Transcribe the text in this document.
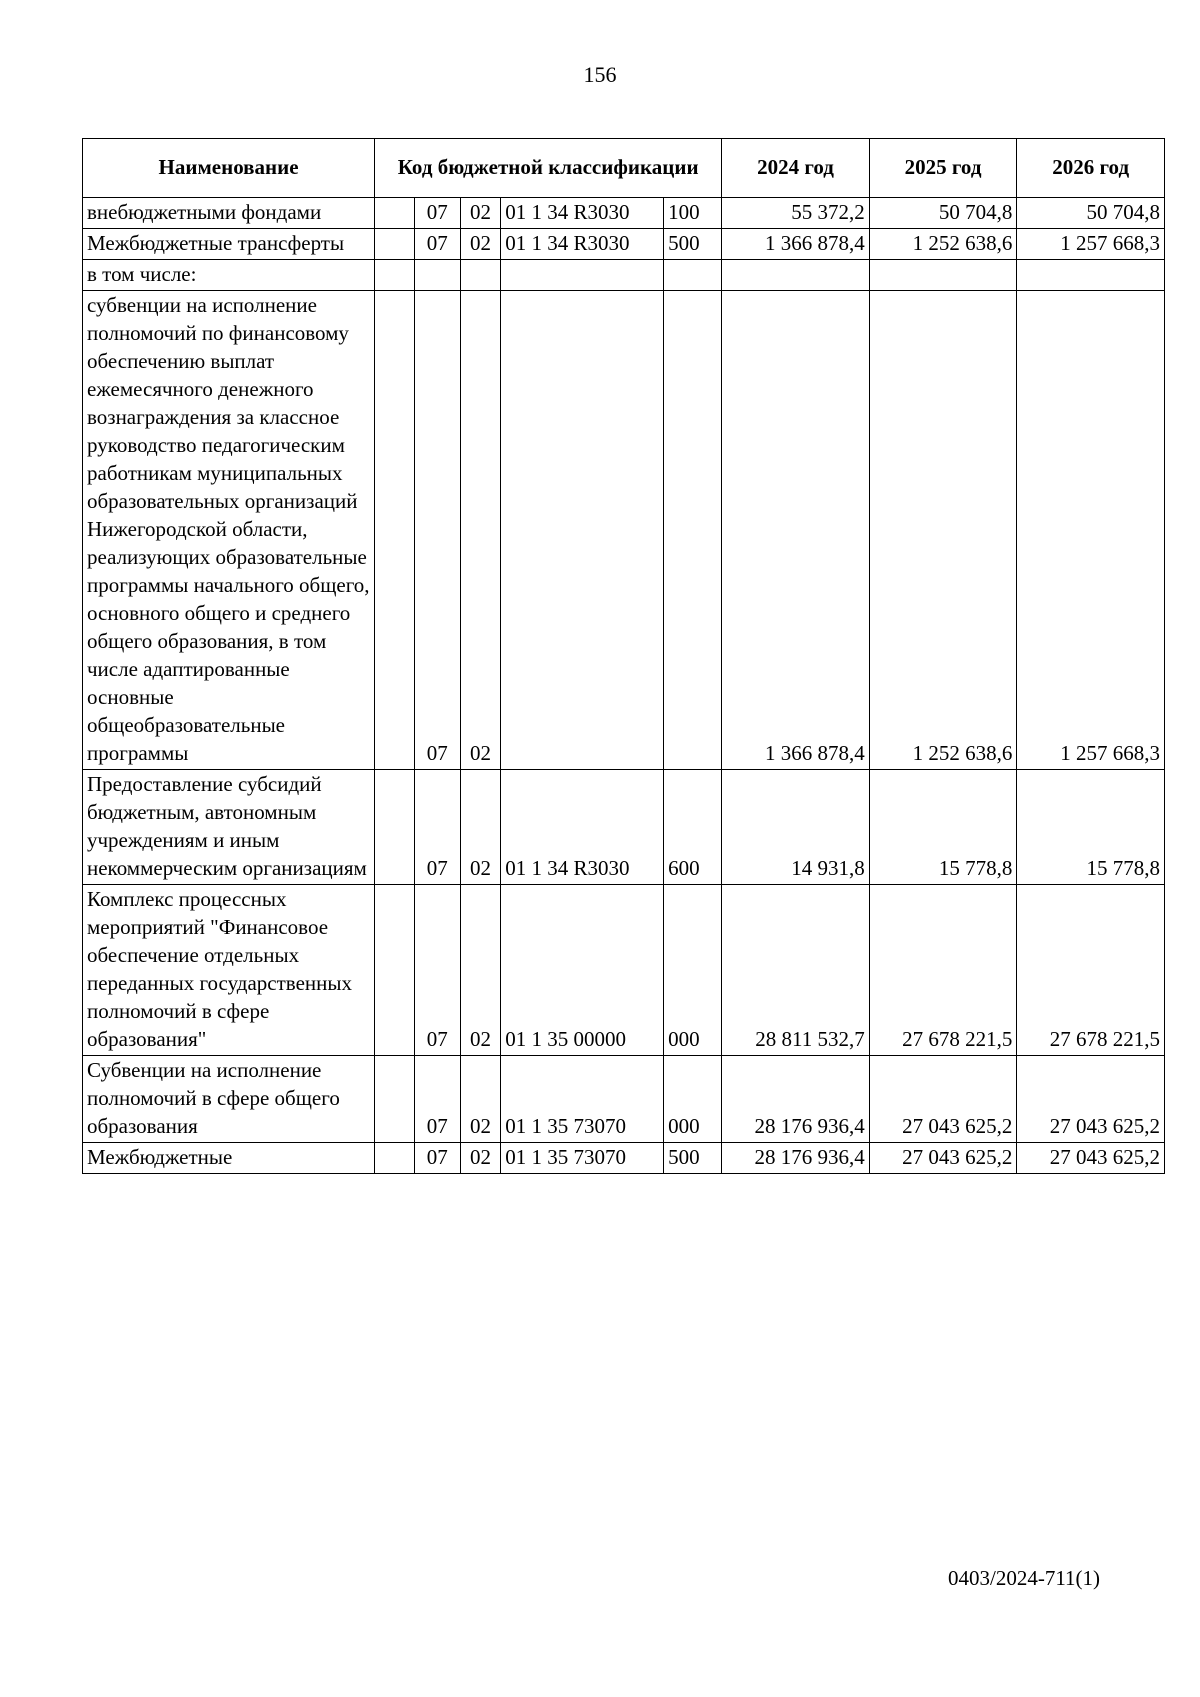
156
Наименование	Код бюджетной классификации					2024 год	2025 год	2026 год
внебюджетными фондами		07	02	01 1 34 R3030	100	55 372,2	50 704,8	50 704,8
Межбюджетные трансферты		07	02	01 1 34 R3030	500	1 366 878,4	1 252 638,6	1 257 668,3
в том числе:								
субвенции на исполнение полномочий по финансовому обеспечению выплат ежемесячного денежного вознаграждения за классное руководство педагогическим работникам муниципальных образовательных организаций Нижегородской области, реализующих образовательные программы начального общего, основного общего и среднего общего образования, в том числе адаптированные основные общеобразовательные программы		07	02			1 366 878,4	1 252 638,6	1 257 668,3
Предоставление субсидий бюджетным, автономным учреждениям и иным некоммерческим организациям		07	02	01 1 34 R3030	600	14 931,8	15 778,8	15 778,8
Комплекс процессных мероприятий "Финансовое обеспечение отдельных переданных государственных полномочий в сфере образования"		07	02	01 1 35 00000	000	28 811 532,7	27 678 221,5	27 678 221,5
Субвенции на исполнение полномочий в сфере общего образования		07	02	01 1 35 73070	000	28 176 936,4	27 043 625,2	27 043 625,2
Межбюджетные		07	02	01 1 35 73070	500	28 176 936,4	27 043 625,2	27 043 625,2
0403/2024-711(1)
